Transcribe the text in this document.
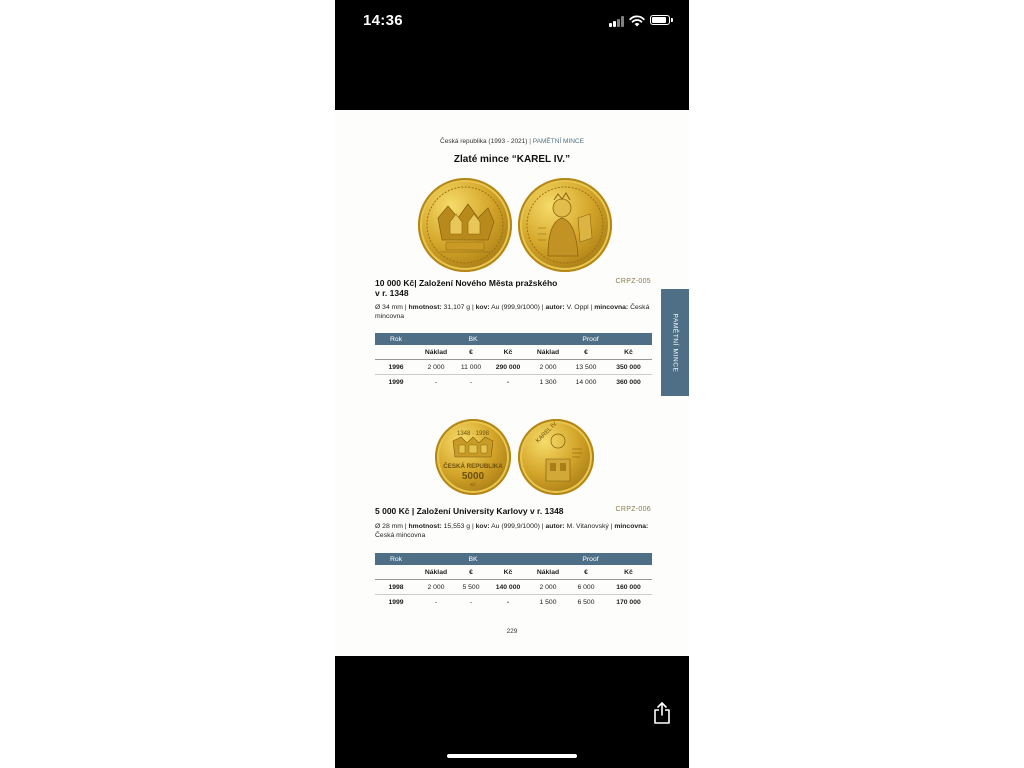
14:36
Česká republika (1993 - 2021) | PAMĚTNÍ MINCE
Zlaté mince “KAREL IV.”
PAMĚTNÍ MINCE
10 000 Kč| Založení Nového Města pražského
v r. 1348
CRPZ-005
Ø 34 mm | hmotnost: 31,107 g | kov: Au (999,9/1000) | autor: V. Oppl | mincovna: Česká mincovna
Rok	BK			Proof		
	Náklad	€	Kč	Náklad	€	Kč
1996	2 000	11 000	290 000	2 000	13 500	350 000
1999	-	-	-	1 300	14 000	360 000
1348 · 1998
ČESKÁ REPUBLIKA
5000
Kč
KAREL IV
5 000 Kč | Založení University Karlovy v r. 1348	CRPZ-006
Ø 28 mm | hmotnost: 15,553 g | kov: Au (999,9/1000) | autor: M. Vitanovský | mincovna: Česká mincovna
Rok	BK			Proof		
	Náklad	€	Kč	Náklad	€	Kč
1998	2 000	5 500	140 000	2 000	6 000	160 000
1999	-	-	-	1 500	6 500	170 000
229
